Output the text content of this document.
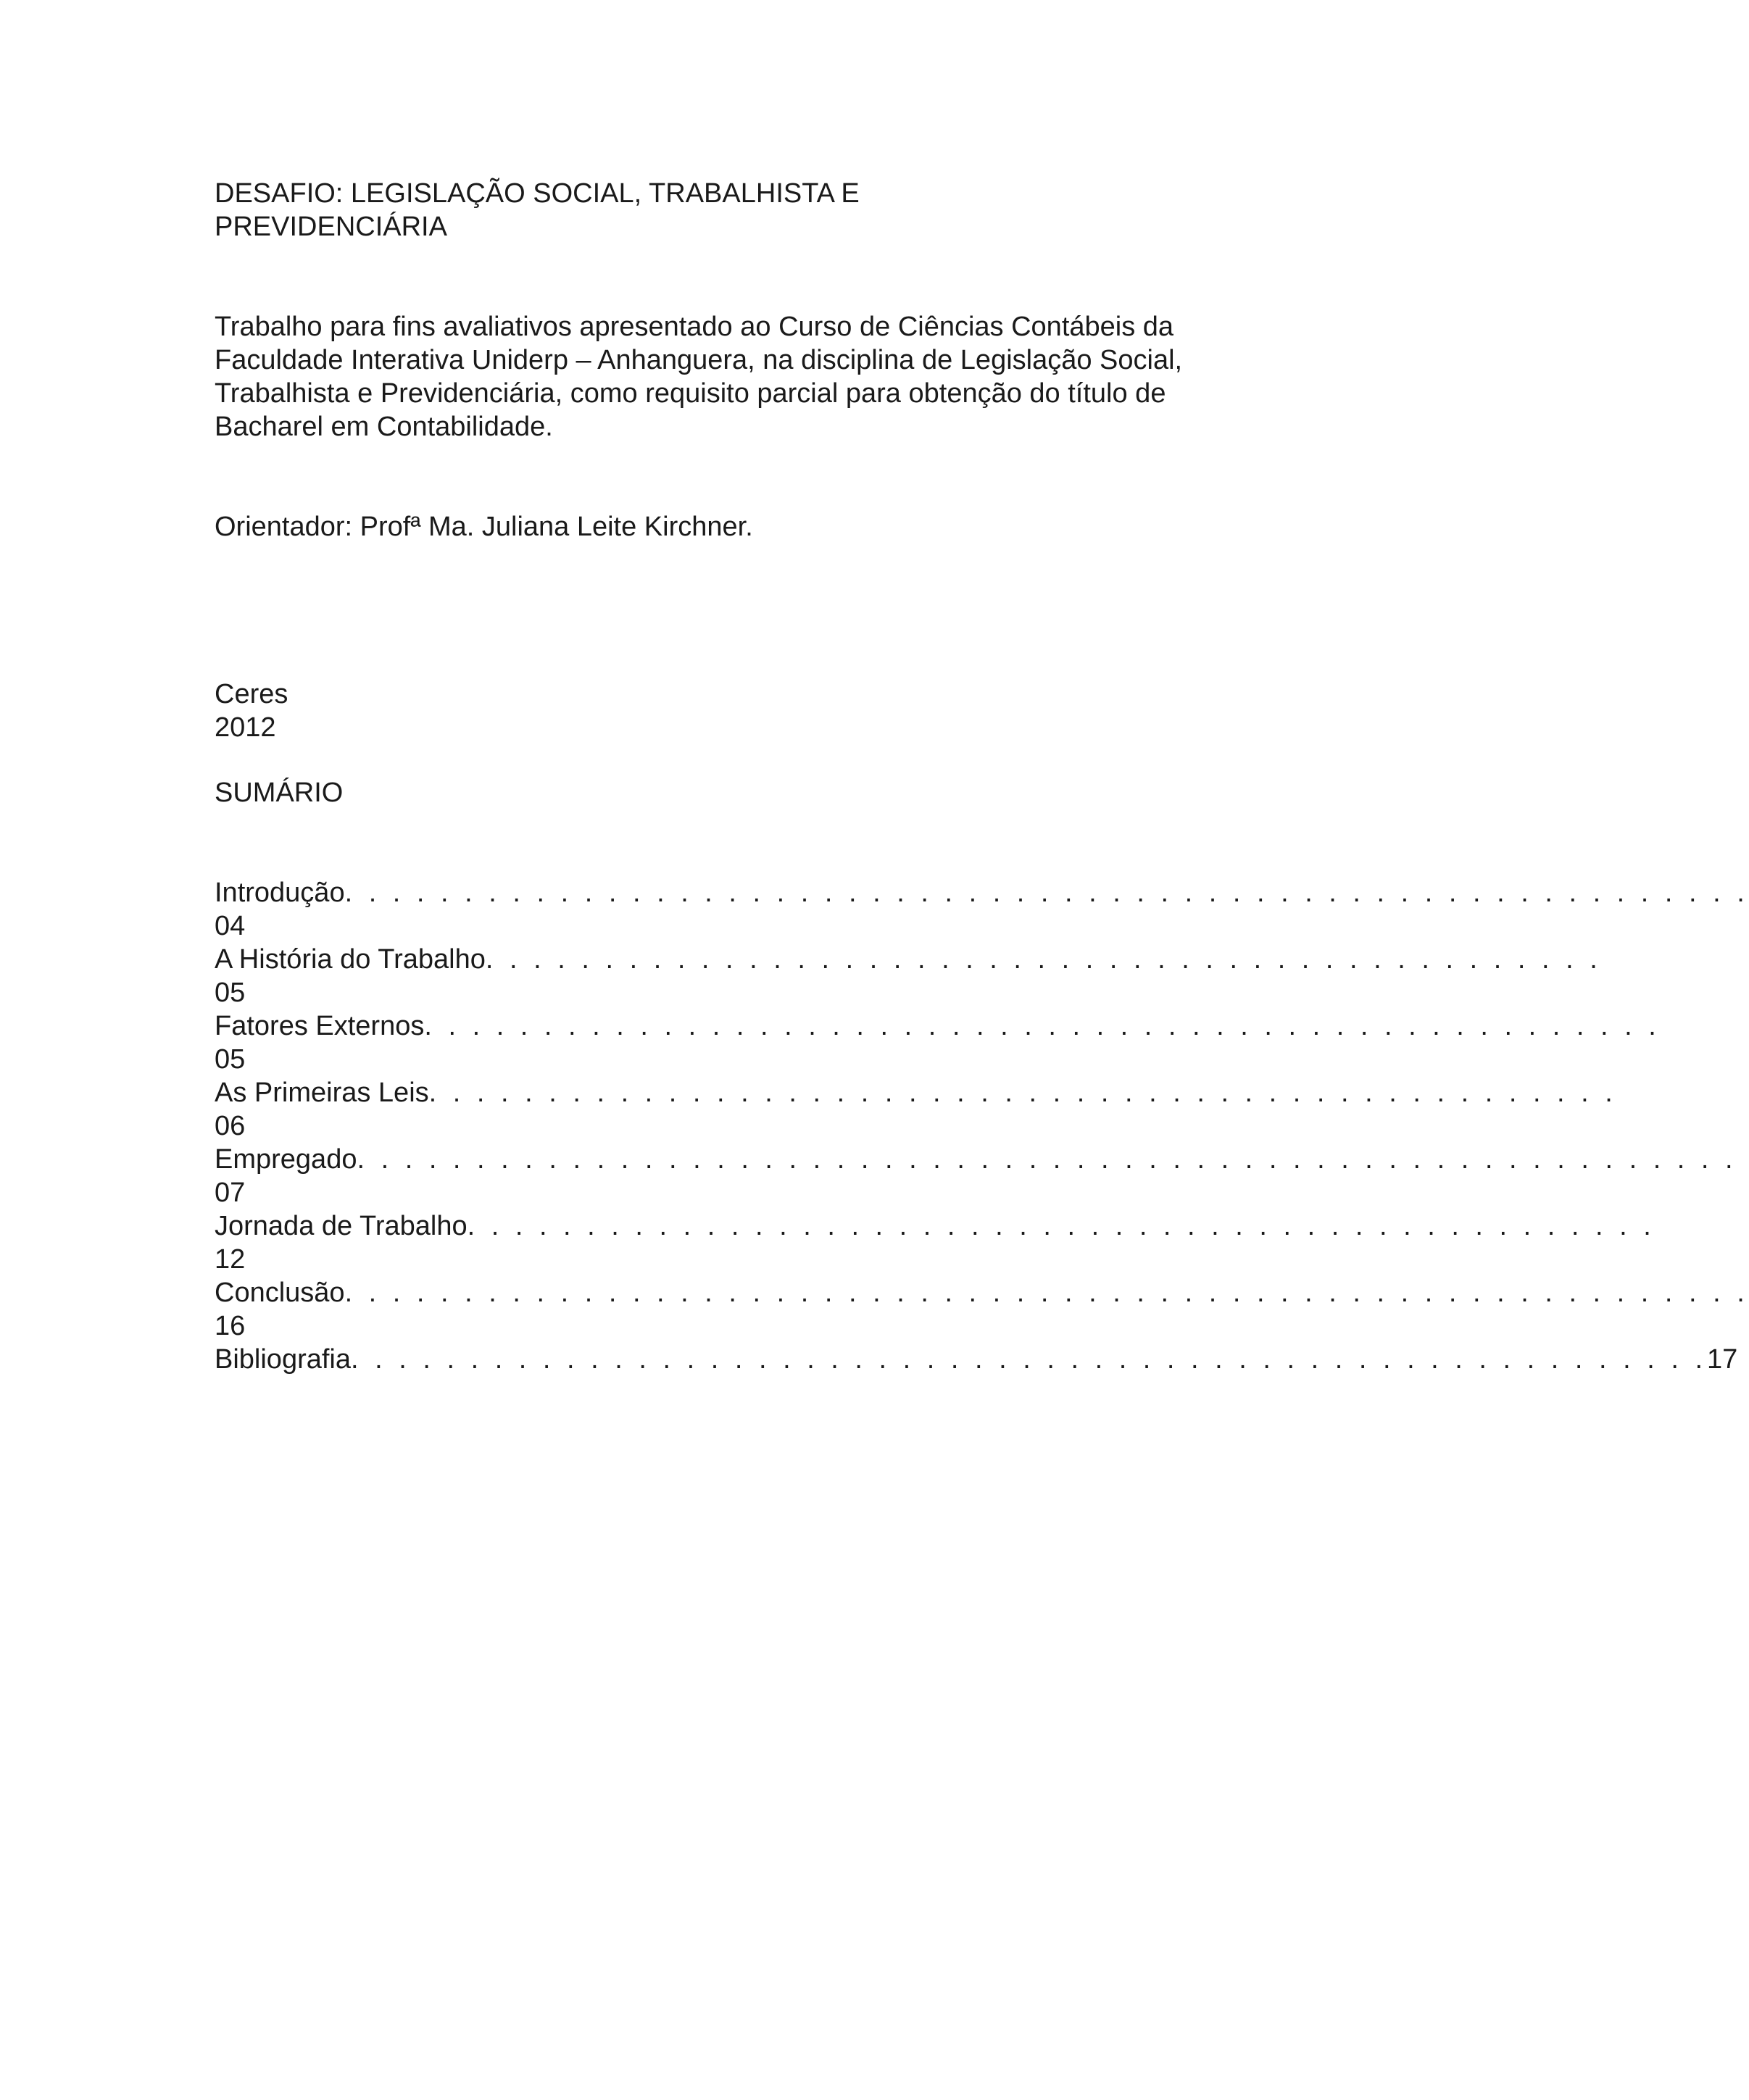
DESAFIO: LEGISLAÇÃO SOCIAL, TRABALHISTA E
PREVIDENCIÁRIA

Trabalho para fins avaliativos apresentado ao Curso de Ciências Contábeis da
Faculdade Interativa Uniderp – Anhanguera, na disciplina de Legislação Social,
Trabalhista e Previdenciária, como requisito parcial para obtenção do título de
Bacharel em Contabilidade.

Orientador: Profª Ma. Juliana Leite Kirchner.

Ceres

2012

SUMÁRIO

Introdução. . . . . . . . . . . . . . . . . . . . . . . . . . . . . . . . . . . . . . . . . . . . . . . . . . . . . . . . . . .
04
A História do Trabalho. . . . . . . . . . . . . . . . . . . . . . . . . . . . . . . . . . . . . . . . . . . . . . .
05
Fatores Externos. . . . . . . . . . . . . . . . . . . . . . . . . . . . . . . . . . . . . . . . . . . . . . . . . . . .
05
As Primeiras Leis. . . . . . . . . . . . . . . . . . . . . . . . . . . . . . . . . . . . . . . . . . . . . . . . . .
06
Empregado. . . . . . . . . . . . . . . . . . . . . . . . . . . . . . . . . . . . . . . . . . . . . . . . . . . . . . . . . .
07
Jornada de Trabalho. . . . . . . . . . . . . . . . . . . . . . . . . . . . . . . . . . . . . . . . . . . . . . . . . .
12
Conclusão. . . . . . . . . . . . . . . . . . . . . . . . . . . . . . . . . . . . . . . . . . . . . . . . . . . . . . . . . . .
16
Bibliografia. . . . . . . . . . . . . . . . . . . . . . . . . . . . . . . . . . . . . . . . . . . . . . . . . . . . . . . . .17
